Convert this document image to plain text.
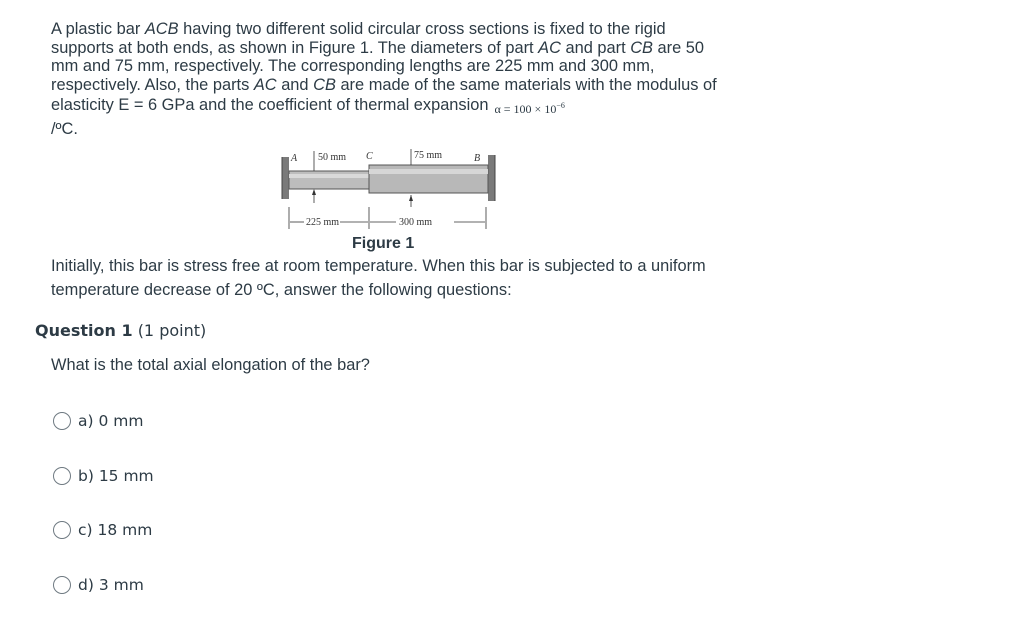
A plastic bar ACB having two different solid circular cross sections is fixed to the rigid supports at both ends, as shown in Figure 1. The diameters of part AC and part CB are 50 mm and 75 mm, respectively. The corresponding lengths are 225 mm and 300 mm, respectively. Also, the parts AC and CB are made of the same materials with the modulus of elasticity E = 6 GPa and the coefficient of thermal expansion $\alpha = 100 \times 10^{-6}$
/ºC.
A	C	B
50 mm	75 mm
225 mm	300 mm
Figure 1
Initially, this bar is stress free at room temperature. When this bar is subjected to a uniform temperature decrease of 20 ºC, answer the following questions:
Question 1 (1 point)
What is the total axial elongation of the bar?
a) 0 mm
b) 15 mm
c) 18 mm
d) 3 mm
